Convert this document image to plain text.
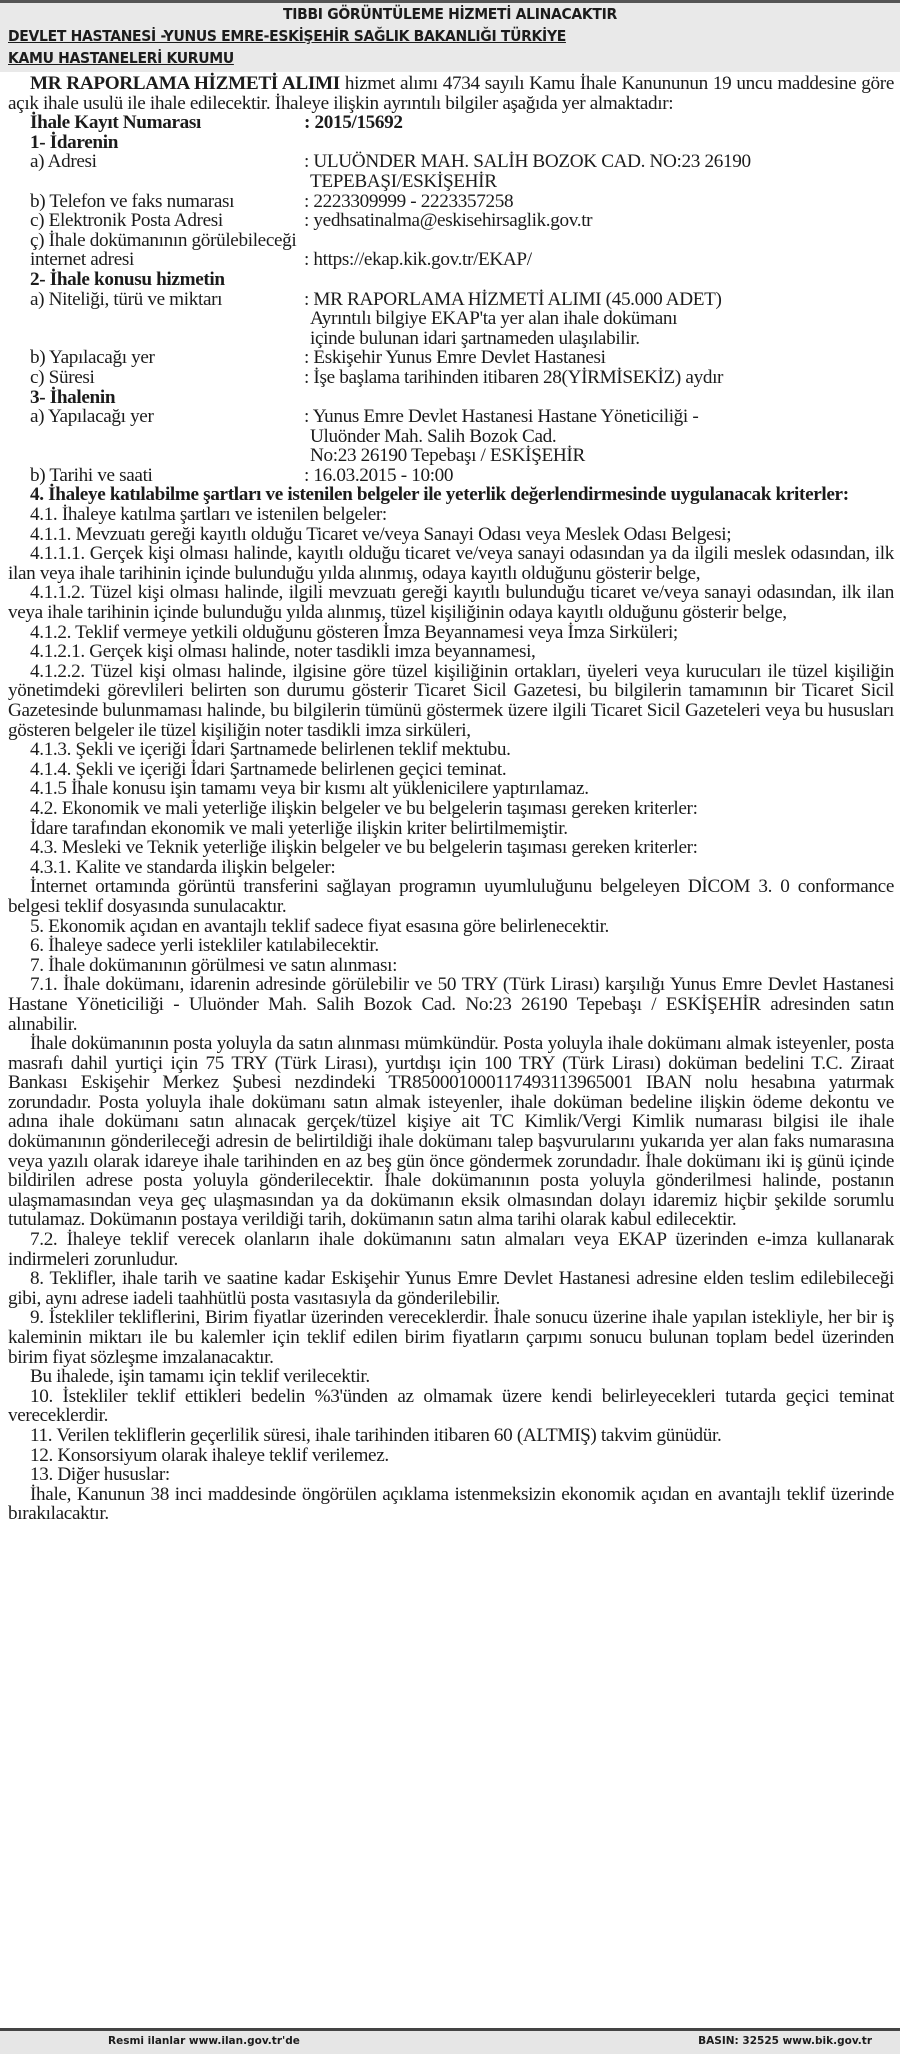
TIBBI GÖRÜNTÜLEME HİZMETİ ALINACAKTIR
DEVLET HASTANESİ -YUNUS EMRE-ESKİŞEHİR SAĞLIK BAKANLIĞI TÜRKİYE
KAMU HASTANELERİ KURUMU

MR RAPORLAMA HİZMETİ ALIMI hizmet alımı 4734 sayılı Kamu İhale Kanununun 19 uncu maddesine göre açık ihale usulü ile ihale edilecektir. İhaleye ilişkin ayrıntılı bilgiler aşağıda yer almaktadır:

İhale Kayıt Numarası	: 2015/15692
1- İdarenin
a) Adresi	: ULUÖNDER MAH. SALİH BOZOK CAD. NO:23 26190
TEPEBAŞI/ESKİŞEHİR
b) Telefon ve faks numarası	: 2223309999 - 2223357258
c) Elektronik Posta Adresi	: yedhsatinalma@eskisehirsaglik.gov.tr
ç) İhale dokümanının görülebileceği
internet adresi	: https://ekap.kik.gov.tr/EKAP/
2- İhale konusu hizmetin
a) Niteliği, türü ve miktarı	: MR RAPORLAMA HİZMETİ ALIMI (45.000 ADET)

Ayrıntılı bilgiye EKAP'ta yer alan ihale dokümanı içinde bulunan idari şartnameden ulaşılabilir.
b) Yapılacağı yer	: Eskişehir Yunus Emre Devlet Hastanesi
c) Süresi	: İşe başlama tarihinden itibaren 28(YİRMİSEKİZ) aydır
3- İhalenin
a) Yapılacağı yer	: Yunus Emre Devlet Hastanesi Hastane Yöneticiliği -

Uluönder Mah. Salih Bozok Cad. No:23 26190 Tepebaşı / ESKİŞEHİR
b) Tarihi ve saati	: 16.03.2015 - 10:00

4. İhaleye katılabilme şartları ve istenilen belgeler ile yeterlik değerlendirmesinde uygulanacak kriterler:

4.1. İhaleye katılma şartları ve istenilen belgeler:

4.1.1. Mevzuatı gereği kayıtlı olduğu Ticaret ve/veya Sanayi Odası veya Meslek Odası Belgesi;

4.1.1.1. Gerçek kişi olması halinde, kayıtlı olduğu ticaret ve/veya sanayi odasından ya da ilgili meslek odasından, ilk ilan veya ihale tarihinin içinde bulunduğu yılda alınmış, odaya kayıtlı olduğunu gösterir belge,

4.1.1.2. Tüzel kişi olması halinde, ilgili mevzuatı gereği kayıtlı bulunduğu ticaret ve/veya sanayi odasından, ilk ilan veya ihale tarihinin içinde bulunduğu yılda alınmış, tüzel kişiliğinin odaya kayıtlı olduğunu gösterir belge,

4.1.2. Teklif vermeye yetkili olduğunu gösteren İmza Beyannamesi veya İmza Sirküleri;

4.1.2.1. Gerçek kişi olması halinde, noter tasdikli imza beyannamesi,

4.1.2.2. Tüzel kişi olması halinde, ilgisine göre tüzel kişiliğinin ortakları, üyeleri veya kurucuları ile tüzel kişiliğin yönetimdeki görevlileri belirten son durumu gösterir Ticaret Sicil Gazetesi, bu bilgilerin tamamının bir Ticaret Sicil Gazetesinde bulunmaması halinde, bu bilgilerin tümünü göstermek üzere ilgili Ticaret Sicil Gazeteleri veya bu hususları gösteren belgeler ile tüzel kişiliğin noter tasdikli imza sirküleri,

4.1.3. Şekli ve içeriği İdari Şartnamede belirlenen teklif mektubu.

4.1.4. Şekli ve içeriği İdari Şartnamede belirlenen geçici teminat.

4.1.5 İhale konusu işin tamamı veya bir kısmı alt yüklenicilere yaptırılamaz.

4.2. Ekonomik ve mali yeterliğe ilişkin belgeler ve bu belgelerin taşıması gereken kriterler:

İdare tarafından ekonomik ve mali yeterliğe ilişkin kriter belirtilmemiştir.

4.3. Mesleki ve Teknik yeterliğe ilişkin belgeler ve bu belgelerin taşıması gereken kriterler:

4.3.1. Kalite ve standarda ilişkin belgeler:

İnternet ortamında görüntü transferini sağlayan programın uyumluluğunu belgeleyen DİCOM 3. 0 conformance belgesi teklif dosyasında sunulacaktır.

5. Ekonomik açıdan en avantajlı teklif sadece fiyat esasına göre belirlenecektir.

6. İhaleye sadece yerli istekliler katılabilecektir.

7. İhale dokümanının görülmesi ve satın alınması:

7.1. İhale dokümanı, idarenin adresinde görülebilir ve 50 TRY (Türk Lirası) karşılığı Yunus Emre Devlet Hastanesi Hastane Yöneticiliği - Uluönder Mah. Salih Bozok Cad. No:23 26190 Tepebaşı / ESKİŞEHİR adresinden satın alınabilir.

İhale dokümanının posta yoluyla da satın alınması mümkündür. Posta yoluyla ihale dokümanı almak isteyenler, posta masrafı dahil yurtiçi için 75 TRY (Türk Lirası), yurtdışı için 100 TRY (Türk Lirası) doküman bedelini T.C. Ziraat Bankası Eskişehir Merkez Şubesi nezdindeki TR850001000117493113965001 IBAN nolu hesabına yatırmak zorundadır. Posta yoluyla ihale dokümanı satın almak isteyenler, ihale doküman bedeline ilişkin ödeme dekontu ve adına ihale dokümanı satın alınacak gerçek/tüzel kişiye ait TC Kimlik/Vergi Kimlik numarası bilgisi ile ihale dokümanının gönderileceği adresin de belirtildiği ihale dokümanı talep başvurularını yukarıda yer alan faks numarasına veya yazılı olarak idareye ihale tarihinden en az beş gün önce göndermek zorundadır. İhale dokümanı iki iş günü içinde bildirilen adrese posta yoluyla gönderilecektir. İhale dokümanının posta yoluyla gönderilmesi halinde, postanın ulaşmamasından veya geç ulaşmasından ya da dokümanın eksik olmasından dolayı idaremiz hiçbir şekilde sorumlu tutulamaz. Dokümanın postaya verildiği tarih, dokümanın satın alma tarihi olarak kabul edilecektir.

7.2. İhaleye teklif verecek olanların ihale dokümanını satın almaları veya EKAP üzerinden e-imza kullanarak indirmeleri zorunludur.

8. Teklifler, ihale tarih ve saatine kadar Eskişehir Yunus Emre Devlet Hastanesi adresine elden teslim edilebileceği gibi, aynı adrese iadeli taahhütlü posta vasıtasıyla da gönderilebilir.

9. İstekliler tekliflerini, Birim fiyatlar üzerinden vereceklerdir. İhale sonucu üzerine ihale yapılan istekliyle, her bir iş kaleminin miktarı ile bu kalemler için teklif edilen birim fiyatların çarpımı sonucu bulunan toplam bedel üzerinden birim fiyat sözleşme imzalanacaktır.

Bu ihalede, işin tamamı için teklif verilecektir.

10. İstekliler teklif ettikleri bedelin %3'ünden az olmamak üzere kendi belirleyecekleri tutarda geçici teminat vereceklerdir.

11. Verilen tekliflerin geçerlilik süresi, ihale tarihinden itibaren 60 (ALTMIŞ) takvim günüdür.

12. Konsorsiyum olarak ihaleye teklif verilemez.

13. Diğer hususlar:

İhale, Kanunun 38 inci maddesinde öngörülen açıklama istenmeksizin ekonomik açıdan en avantajlı teklif üzerinde bırakılacaktır.

Resmi ilanlar www.ilan.gov.tr'de	BASIN: 32525 www.bik.gov.tr
